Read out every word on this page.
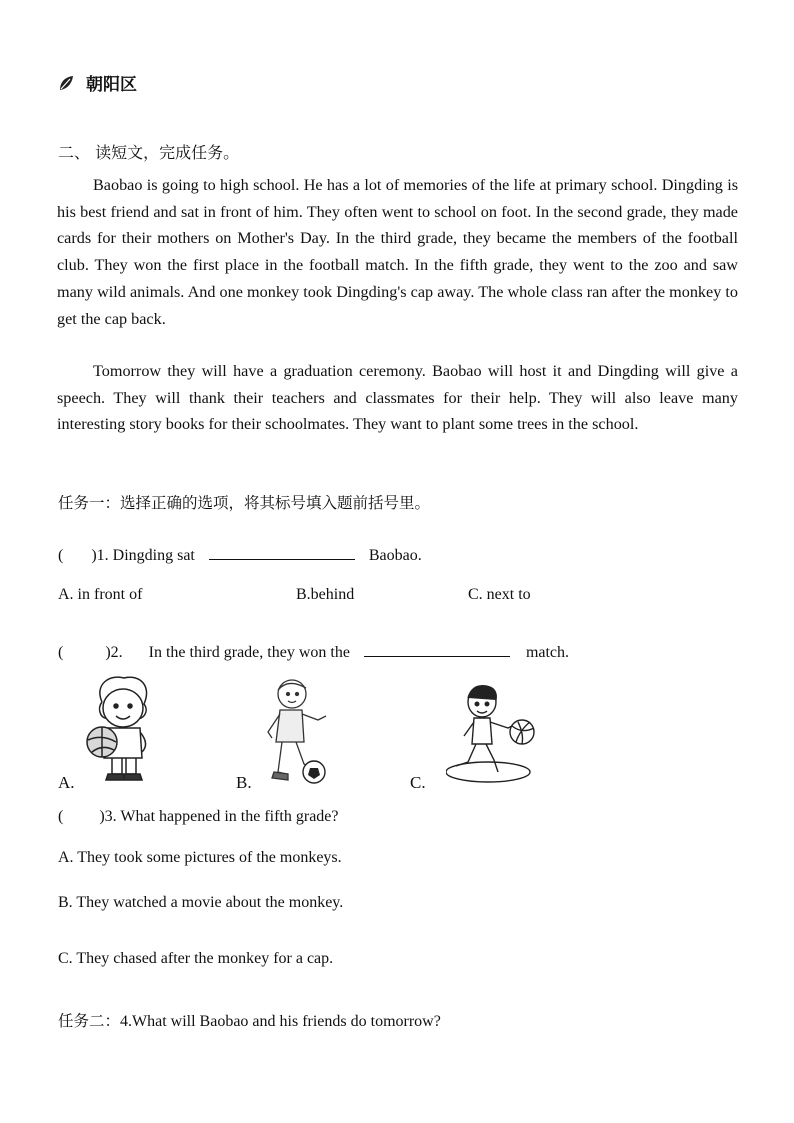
朝阳区
二、 读短文，完成任务。

Baobao is going to high school. He has a lot of memories of the life at primary school. Dingding is his best friend and sat in front of him. They often went to school on foot. In the second grade, they made cards for their mothers on Mother's Day. In the third grade, they became the members of the football club. They won the first place in the football match. In the fifth grade, they went to the zoo and saw many wild animals. And one monkey took Dingding's cap away. The whole class ran after the monkey to get the cap back.

Tomorrow they will have a graduation ceremony. Baobao will host it and Dingding will give a speech. They will thank their teachers and classmates for their help. They will also leave many interesting story books for their schoolmates. They want to plant some trees in the school.

任务一：选择正确的选项，将其标号填入题前括号里。
( )1. Dingding sat	Baobao.
A. in front of	B.behind	C. next to
(	)2. In the third grade, they won the	match.
A.	B.	C.
( )3. What happened in the fifth grade?
A. They took some pictures of the monkeys.
B. They watched a movie about the monkey.
C. They chased after the monkey for a cap.
任务二：4.What will Baobao and his friends do tomorrow?
